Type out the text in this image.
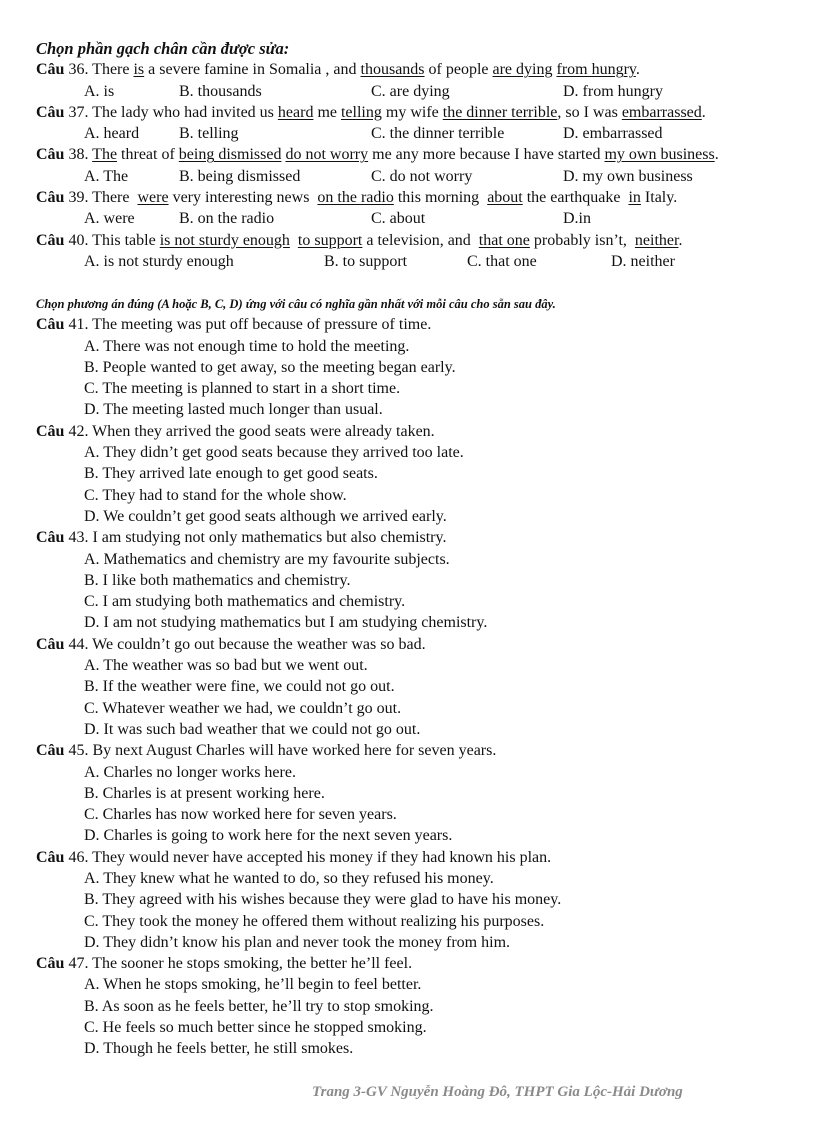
Chọn phần gạch chân cần được sửa:
Câu 36. There is a severe famine in Somalia , and thousands of people are dying from hungry.
A. is	B. thousands	C. are dying	D. from hungry
Câu 37. The lady who had invited us heard me telling my wife the dinner terrible, so I was embarrassed.
A. heard B. telling	C. the dinner terrible	D. embarrassed
Câu 38. The threat of being dismissed do not worry me any more because I have started my own business.
A. The	B. being dismissed	C. do not worry	D. my own business
Câu 39. There  were very interesting news  on the radio this morning  about the earthquake  in Italy.
A. were	B. on the radio	C. about	D.in
Câu 40. This table is not sturdy enough to support a television, and  that one probably isn’t,  neither.
A. is not sturdy enough	B. to support	C. that one	D. neither
Chọn phương án đúng (A hoặc B, C, D) ứng với câu có nghĩa gần nhất với mỗi câu cho sẵn sau đây.
Câu 41. The meeting was put off because of pressure of time.
A. There was not enough time to hold the meeting.
B. People wanted to get away, so the meeting began early.
C. The meeting is planned to start in a short time.
D. The meeting lasted much longer than usual.
Câu 42. When they arrived the good seats were already taken.
A. They didn’t get good seats because they arrived too late.
B. They arrived late enough to get good seats.
C. They had to stand for the whole show.
D. We couldn’t get good seats although we arrived early.
Câu 43. I am studying not only mathematics but also chemistry.
A. Mathematics and chemistry are my favourite subjects.
B. I like both mathematics and chemistry.
C. I am studying both mathematics and chemistry.
D. I am not studying mathematics but I am studying chemistry.
Câu 44. We couldn’t go out because the weather was so bad.
A. The weather was so bad but we went out.
B. If the weather were fine, we could not go out.
C. Whatever weather we had, we couldn’t go out.
D. It was such bad weather that we could not go out.
Câu 45. By next August Charles will have worked here for seven years.
A. Charles no longer works here.
B. Charles is at present working here.
C. Charles has now worked here for seven years.
D. Charles is going to work here for the next seven years.
Câu 46. They would never have accepted his money if they had known his plan.
A. They knew what he wanted to do, so they refused his money.
B. They agreed with his wishes because they were glad to have his money.
C. They took the money he offered them without realizing his purposes.
D. They didn’t know his plan and never took the money from him.
Câu 47. The sooner he stops smoking, the better he’ll feel.
A. When he stops smoking, he’ll begin to feel better.
B. As soon as he feels better, he’ll try to stop smoking.
C. He feels so much better since he stopped smoking.
D. Though he feels better, he still smokes.
Trang 3-GV Nguyễn Hoàng Đô, THPT Gia Lộc-Hải Dương
